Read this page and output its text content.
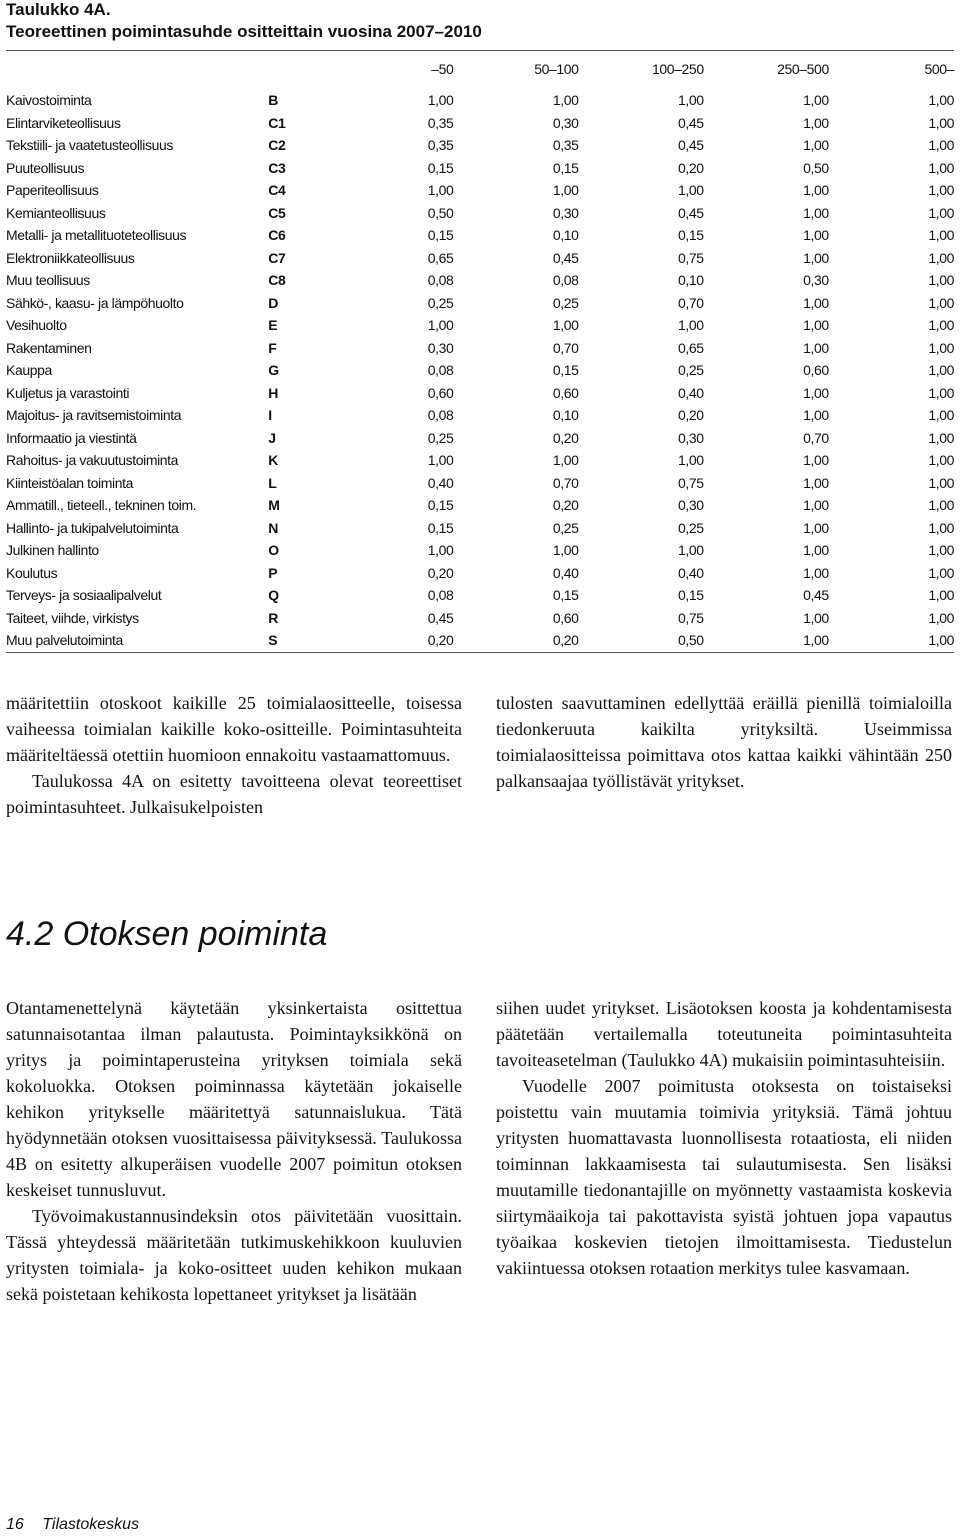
Taulukko 4A.

Teoreettinen poimintasuhde ositteittain vuosina 2007–2010

		–50	50–100	100–250	250–500	500–

Kaivostoiminta	B	1,00	1,00	1,00	1,00	1,00
Elintarviketeollisuus	C1	0,35	0,30	0,45	1,00	1,00
Tekstiili- ja vaatetusteollisuus	C2	0,35	0,35	0,45	1,00	1,00
Puuteollisuus	C3	0,15	0,15	0,20	0,50	1,00
Paperiteollisuus	C4	1,00	1,00	1,00	1,00	1,00
Kemianteollisuus	C5	0,50	0,30	0,45	1,00	1,00
Metalli- ja metallituoteteollisuus	C6	0,15	0,10	0,15	1,00	1,00
Elektroniikkateollisuus	C7	0,65	0,45	0,75	1,00	1,00
Muu teollisuus	C8	0,08	0,08	0,10	0,30	1,00
Sähkö-, kaasu- ja lämpöhuolto	D	0,25	0,25	0,70	1,00	1,00
Vesihuolto	E	1,00	1,00	1,00	1,00	1,00
Rakentaminen	F	0,30	0,70	0,65	1,00	1,00
Kauppa	G	0,08	0,15	0,25	0,60	1,00
Kuljetus ja varastointi	H	0,60	0,60	0,40	1,00	1,00
Majoitus- ja ravitsemistoiminta	I	0,08	0,10	0,20	1,00	1,00
Informaatio ja viestintä	J	0,25	0,20	0,30	0,70	1,00
Rahoitus- ja vakuutustoiminta	K	1,00	1,00	1,00	1,00	1,00
Kiinteistöalan toiminta	L	0,40	0,70	0,75	1,00	1,00
Ammatill., tieteell., tekninen toim.	M	0,15	0,20	0,30	1,00	1,00
Hallinto- ja tukipalvelutoiminta	N	0,15	0,25	0,25	1,00	1,00
Julkinen hallinto	O	1,00	1,00	1,00	1,00	1,00
Koulutus	P	0,20	0,40	0,40	1,00	1,00
Terveys- ja sosiaalipalvelut	Q	0,08	0,15	0,15	0,45	1,00
Taiteet, viihde, virkistys	R	0,45	0,60	0,75	1,00	1,00
Muu palvelutoiminta	S	0,20	0,20	0,50	1,00	1,00

määritettiin otoskoot kaikille 25 toimialaositteelle, toisessa vaiheessa toimialan kaikille koko-ositteille. Poimintasuhteita määriteltäessä otettiin huomioon ennakoitu vastaamattomuus.

Taulukossa 4A on esitetty tavoitteena olevat teoreettiset poimintasuhteet. Julkaisukelpoisten

tulosten saavuttaminen edellyttää eräillä pienillä toimialoilla tiedonkeruuta kaikilta yrityksiltä. Useimmissa toimialaositteissa poimittava otos kattaa kaikki vähintään 250 palkansaajaa työllistävät yritykset.

4.2 Otoksen poiminta

Otantamenettelynä käytetään yksinkertaista osittettua satunnaisotantaa ilman palautusta. Poimintayksikkönä on yritys ja poimintaperusteina yrityksen toimiala sekä kokoluokka. Otoksen poiminnassa käytetään jokaiselle kehikon yritykselle määritettyä satunnaislukua. Tätä hyödynnetään otoksen vuosittaisessa päivityksessä. Taulukossa 4B on esitetty alkuperäisen vuodelle 2007 poimitun otoksen keskeiset tunnusluvut.

Työvoimakustannusindeksin otos päivitetään vuosittain. Tässä yhteydessä määritetään tutkimuskehikkoon kuuluvien yritysten toimiala- ja koko-ositteet uuden kehikon mukaan sekä poistetaan kehikosta lopettaneet yritykset ja lisätään

siihen uudet yritykset. Lisäotoksen koosta ja kohdentamisesta päätetään vertailemalla toteutuneita poimintasuhteita tavoiteasetelman (Taulukko 4A) mukaisiin poimintasuhteisiin.

Vuodelle 2007 poimitusta otoksesta on toistaiseksi poistettu vain muutamia toimivia yrityksiä. Tämä johtuu yritysten huomattavasta luonnollisesta rotaatiosta, eli niiden toiminnan lakkaamisesta tai sulautumisesta. Sen lisäksi muutamille tiedonantajille on myönnetty vastaamista koskevia siirtymäaikoja tai pakottavista syistä johtuen jopa vapautus työaikaa koskevien tietojen ilmoittamisesta. Tiedustelun vakiintuessa otoksen rotaation merkitys tulee kasvamaan.

16 Tilastokeskus
